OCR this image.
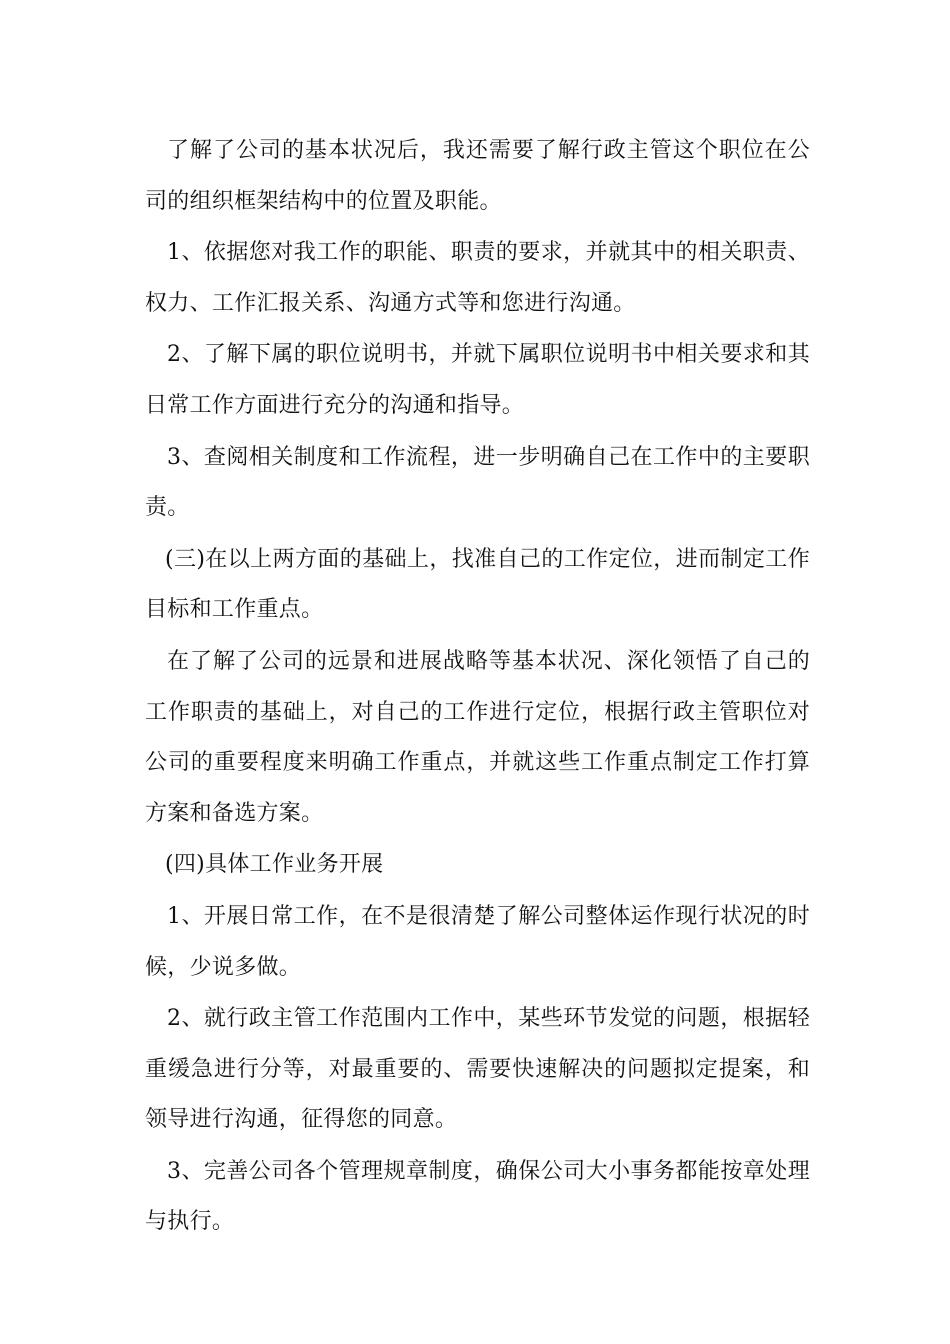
了解了公司的基本状况后，我还需要了解行政主管这个职位在公司的组织框架结构中的位置及职能。

1、依据您对我工作的职能、职责的要求，并就其中的相关职责、权力、工作汇报关系、沟通方式等和您进行沟通。

2、了解下属的职位说明书，并就下属职位说明书中相关要求和其日常工作方面进行充分的沟通和指导。

3、查阅相关制度和工作流程，进一步明确自己在工作中的主要职责。

(三)在以上两方面的基础上，找准自己的工作定位，进而制定工作目标和工作重点。

在了解了公司的远景和进展战略等基本状况、深化领悟了自己的工作职责的基础上，对自己的工作进行定位，根据行政主管职位对公司的重要程度来明确工作重点，并就这些工作重点制定工作打算方案和备选方案。

(四)具体工作业务开展

1、开展日常工作，在不是很清楚了解公司整体运作现行状况的时候，少说多做。

2、就行政主管工作范围内工作中，某些环节发觉的问题，根据轻重缓急进行分等，对最重要的、需要快速解决的问题拟定提案，和领导进行沟通，征得您的同意。

3、完善公司各个管理规章制度，确保公司大小事务都能按章处理与执行。
